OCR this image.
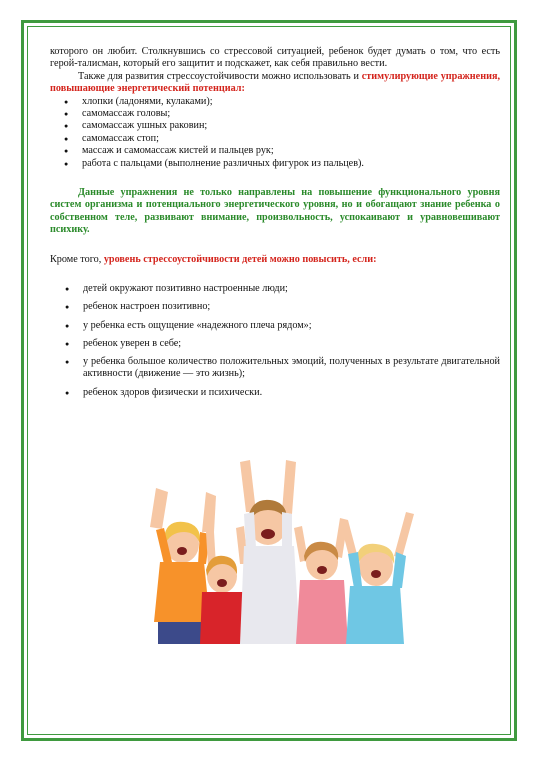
которого он любит. Столкнувшись со стрессовой ситуацией, ребенок будет думать о том, что есть герой-талисман, который его защитит и подскажет, как себя правильно вести.

Также для развития стрессоустойчивости можно использовать и стимулирующие упражнения, повышающие энергетический потенциал:

● хлопки (ладонями, кулаками);
● самомассаж головы;
● самомассаж ушных раковин;
● самомассаж стоп;
● массаж и самомассаж кистей и пальцев рук;
● работа с пальцами (выполнение различных фигурок из пальцев).

Данные упражнения не только направлены на повышение функционального уровня систем организма и потенциального энергетического уровня, но и обогащают знание ребенка о собственном теле, развивают внимание, произвольность, успокаивают и уравновешивают психику.

Кроме того, уровень стрессоустойчивости детей можно повысить, если:

● детей окружают позитивно настроенные люди;
● ребенок настроен позитивно;
● у ребенка есть ощущение «надежного плеча рядом»;
● ребенок уверен в себе;
● у ребенка большое количество положительных эмоций, полученных в результате двигательной активности (движение — это жизнь);
● ребенок здоров физически и психически.
